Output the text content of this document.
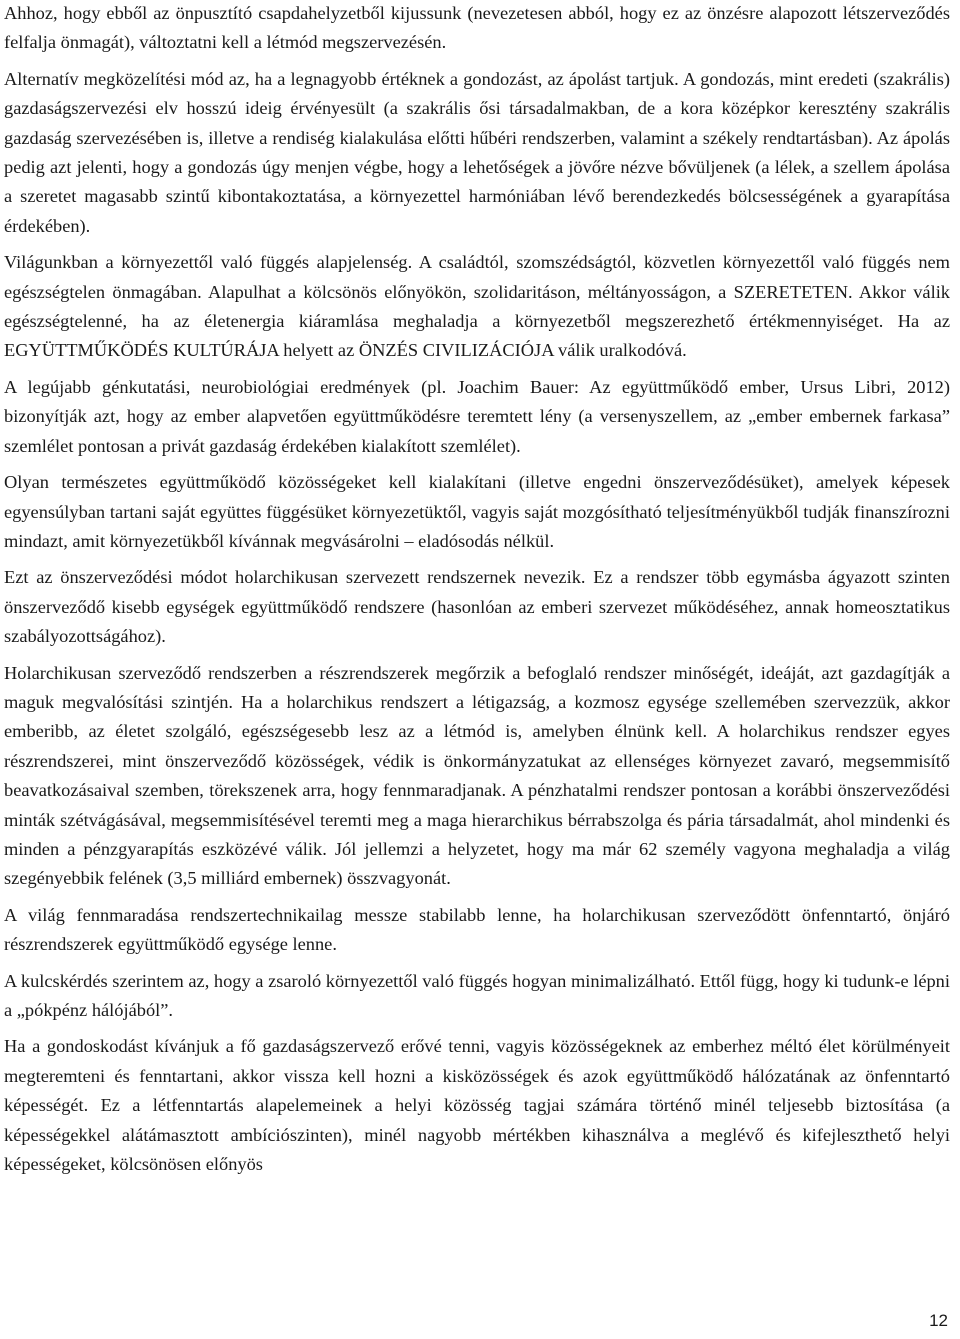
Ahhoz, hogy ebből az önpusztító csapdahelyzetből kijussunk (nevezetesen abból, hogy ez az önzésre alapozott létszerveződés felfalja önmagát), változtatni kell a létmód megszervezésén.

Alternatív megközelítési mód az, ha a legnagyobb értéknek a gondozást, az ápolást tartjuk. A gondozás, mint eredeti (szakrális) gazdaságszervezési elv hosszú ideig érvényesült (a szakrális ősi társadalmakban, de a kora középkor keresztény szakrális gazdaság szervezésében is, illetve a rendiség kialakulása előtti hűbéri rendszerben, valamint a székely rendtartásban). Az ápolás pedig azt jelenti, hogy a gondozás úgy menjen végbe, hogy a lehetőségek a jövőre nézve bővüljenek (a lélek, a szellem ápolása a szeretet magasabb szintű kibontakoztatása, a környezettel harmóniában lévő berendezkedés bölcsességének a gyarapítása érdekében).

Világunkban a környezettől való függés alapjelenség. A családtól, szomszédságtól, közvetlen környezettől való függés nem egészségtelen önmagában. Alapulhat a kölcsönös előnyökön, szolidaritáson, méltányosságon, a SZERETETEN. Akkor válik egészségtelenné, ha az életenergia kiáramlása meghaladja a környezetből megszerezhető értékmennyiséget. Ha az EGYÜTTMŰKÖDÉS KULTÚRÁJA helyett az ÖNZÉS CIVILIZÁCIÓJA válik uralkodóvá.

A legújabb génkutatási, neurobiológiai eredmények (pl. Joachim Bauer: Az együttműködő ember, Ursus Libri, 2012) bizonyítják azt, hogy az ember alapvetően együttműködésre teremtett lény (a versenyszellem, az „ember embernek farkasa” szemlélet pontosan a privát gazdaság érdekében kialakított szemlélet).

Olyan természetes együttműködő közösségeket kell kialakítani (illetve engedni önszerveződésüket), amelyek képesek egyensúlyban tartani saját együttes függésüket környezetüktől, vagyis saját mozgósítható teljesítményükből tudják finanszírozni mindazt, amit környezetükből kívánnak megvásárolni – eladósodás nélkül.

Ezt az önszerveződési módot holarchikusan szervezett rendszernek nevezik. Ez a rendszer több egymásba ágyazott szinten önszerveződő kisebb egységek együttműködő rendszere (hasonlóan az emberi szervezet működéséhez, annak homeosztatikus szabályozottságához).

Holarchikusan szerveződő rendszerben a részrendszerek megőrzik a befoglaló rendszer minőségét, ideáját, azt gazdagítják a maguk megvalósítási szintjén. Ha a holarchikus rendszert a létigazság, a kozmosz egysége szellemében szervezzük, akkor emberibb, az életet szolgáló, egészségesebb lesz az a létmód is, amelyben élnünk kell. A holarchikus rendszer egyes részrendszerei, mint önszerveződő közösségek, védik is önkormányzatukat az ellenséges környezet zavaró, megsemmisítő beavatkozásaival szemben, törekszenek arra, hogy fennmaradjanak. A pénzhatalmi rendszer pontosan a korábbi önszerveződési minták szétvágásával, megsemmisítésével teremti meg a maga hierarchikus bérrabszolga és pária társadalmát, ahol mindenki és minden a pénzgyarapítás eszközévé válik. Jól jellemzi a helyzetet, hogy ma már 62 személy vagyona meghaladja a világ szegényebbik felének (3,5 milliárd embernek) összvagyonát.

A világ fennmaradása rendszertechnikailag messze stabilabb lenne, ha holarchikusan szerveződött önfenntartó, önjáró részrendszerek együttműködő egysége lenne.

A kulcskérdés szerintem az, hogy a zsaroló környezettől való függés hogyan minimalizálható. Ettől függ, hogy ki tudunk-e lépni a „pókpénz hálójából”.

Ha a gondoskodást kívánjuk a fő gazdaságszervező erővé tenni, vagyis közösségeknek az emberhez méltó élet körülményeit megteremteni és fenntartani, akkor vissza kell hozni a kisközösségek és azok együttműködő hálózatának az önfenntartó képességét. Ez a létfenntartás alapelemeinek a helyi közösség tagjai számára történő minél teljesebb biztosítása (a képességekkel alátámasztott ambíciószinten), minél nagyobb mértékben kihasználva a meglévő és kifejleszthető helyi képességeket, kölcsönösen előnyös

12
